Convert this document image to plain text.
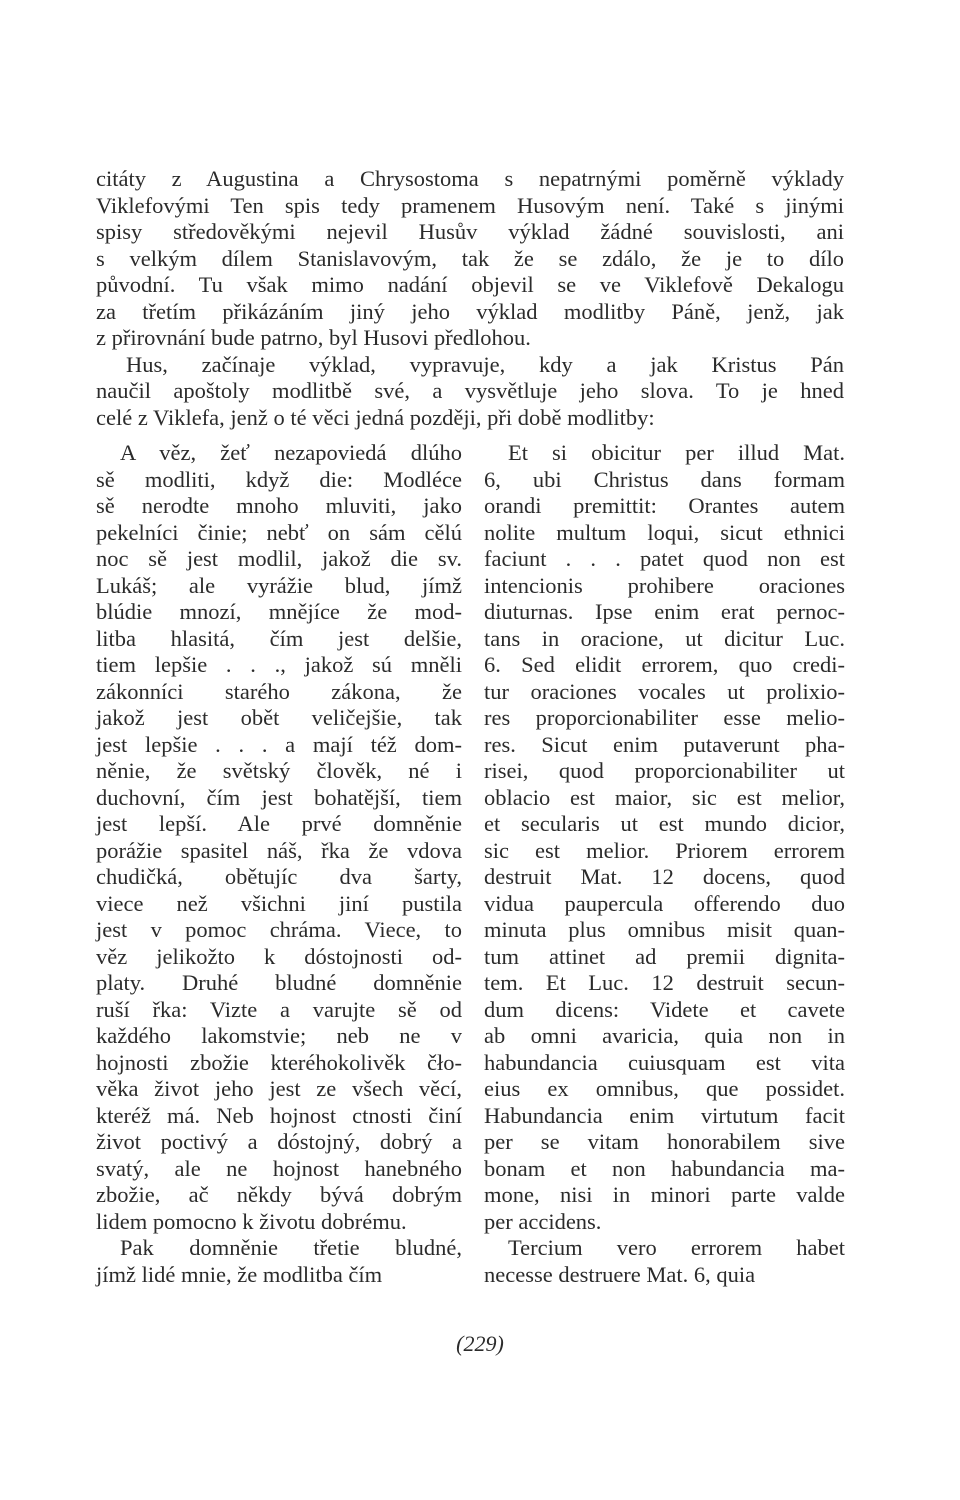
citáty z Augustina a Chrysostoma s nepatrnými poměrně výklady
Viklefovými Ten spis tedy pramenem Husovým není. Také s jinými
spisy středověkými nejevil Husův výklad žádné souvislosti, ani
s velkým dílem Stanislavovým, tak že se zdálo, že je to dílo
původní. Tu však mimo nadání objevil se ve Viklefově Dekalogu
za třetím přikázáním jiný jeho výklad modlitby Páně, jenž, jak
z přirovnání bude patrno, byl Husovi předlohou.
Hus, začínaje výklad, vypravuje, kdy a jak Kristus Pán
naučil apoštoly modlitbě své, a vysvětluje jeho slova. To je hned
celé z Viklefa, jenž o té věci jedná později, při době modlitby:
A věz, žeť nezapoviedá dlúho
sě modliti, když die: Modléce
sě nerodte mnoho mluviti, jako
pekelníci činie; nebť on sám cělú
noc sě jest modlil, jakož die sv.
Lukáš; ale vyrážie blud, jímž
blúdie mnozí, mnějíce že mod-
litba hlasitá, čím jest delšie,
tiem lepšie . . ., jakož sú mněli
zákonníci starého zákona, že
jakož jest obět veličejšie, tak
jest lepšie . . . a mají též dom-
něnie, že světský člověk, né i
duchovní, čím jest bohatější, tiem
jest lepší. Ale prvé domněnie
porážie spasitel náš, řka že vdova
chudičká, obětujíc dva šarty,
viece než všichni jiní pustila
jest v pomoc chráma. Viece, to
věz jelikožto k dóstojnosti od-
platy. Druhé bludné domněnie
ruší řka: Vizte a varujte sě od
každého lakomstvie; neb ne v
hojnosti zbožie kteréhokolivěk čło-
věka život jeho jest ze všech věcí,
kteréž má. Neb hojnost ctnosti činí
život poctivý a dóstojný, dobrý a
svatý, ale ne hojnost hanebného
zbožie, ač někdy bývá dobrým
lidem pomocno k životu dobrému.
Pak domněnie třetie bludné,
jímž lidé mnie, že modlitba čím
Et si obicitur per illud Mat.
6, ubi Christus dans formam
orandi premittit: Orantes autem
nolite multum loqui, sicut ethnici
faciunt . . . patet quod non est
intencionis prohibere oraciones
diuturnas. Ipse enim erat pernoc-
tans in oracione, ut dicitur Luc.
6. Sed elidit errorem, quo credi-
tur oraciones vocales ut prolixio-
res proporcionabiliter esse melio-
res. Sicut enim putaverunt pha-
risei, quod proporcionabiliter ut
oblacio est maior, sic est melior,
et secularis ut est mundo dicior,
sic est melior. Priorem errorem
destruit Mat. 12 docens, quod
vidua paupercula offerendo duo
minuta plus omnibus misit quan-
tum attinet ad premii dignita-
tem. Et Luc. 12 destruit secun-
dum dicens: Videte et cavete
ab omni avaricia, quia non in
habundancia cuiusquam est vita
eius ex omnibus, que possidet.
Habundancia enim virtutum facit
per se vitam honorabilem sive
bonam et non habundancia ma-
mone, nisi in minori parte valde
per accidens.
Tercium vero errorem habet
necesse destruere Mat. 6, quia
(229)
